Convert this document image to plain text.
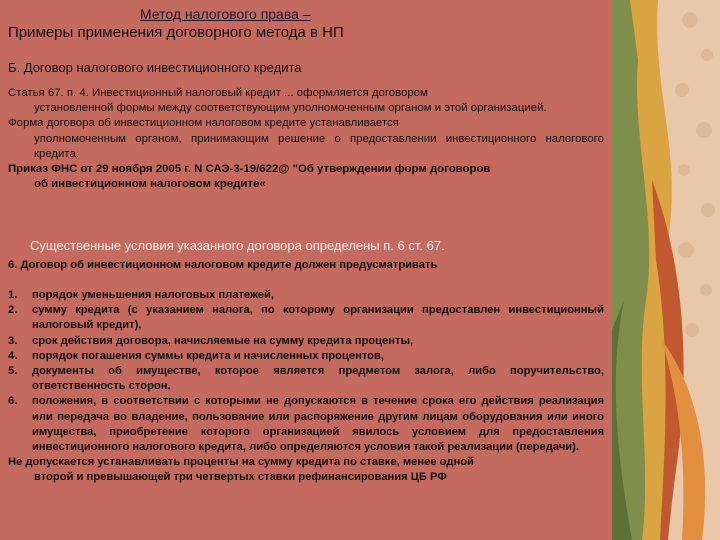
Метод налогового права –
Примеры применения договорного метода в НП
Б. Договор налогового инвестиционного кредита

Статья 67. п. 4. Инвестиционный налоговый кредит ... оформляется договором

установленной формы между соответствующим уполномоченным органом и этой организацией.

Форма договора об инвестиционном налоговом кредите устанавливается

уполномоченным органом, принимающим решение о предоставлении инвестиционного налогового кредита.

Приказ ФНС от 29 ноября 2005 г. N САЭ-3-19/622@ "Об утверждении форм договоров

об инвестиционном налоговом кредите«

Существенные условия указанного договора определены п. 6 ст. 67.
6. Договор об инвестиционном налоговом кредите должен предусматривать
1.	порядок уменьшения налоговых платежей,
2.	сумму кредита (с указанием налога, по которому организации предоставлен инвестиционный налоговый кредит),
3.	срок действия договора, начисляемые на сумму кредита проценты,
4.	порядок погашения суммы кредита и начисленных процентов,
5.	документы об имуществе, которое является предметом залога, либо поручительство, ответственность сторон.
6.	положения, в соответствии с которыми не допускаются в течение срока его действия реализация или передача во владение, пользование или распоряжение другим лицам оборудования или иного имущества, приобретение которого организацией явилось условием для предоставления инвестиционного налогового кредита, либо определяются условия такой реализации (передачи).
Не допускается устанавливать проценты на сумму кредита по ставке, менее одной
второй и превышающей три четвертых ставки рефинансирования ЦБ РФ
